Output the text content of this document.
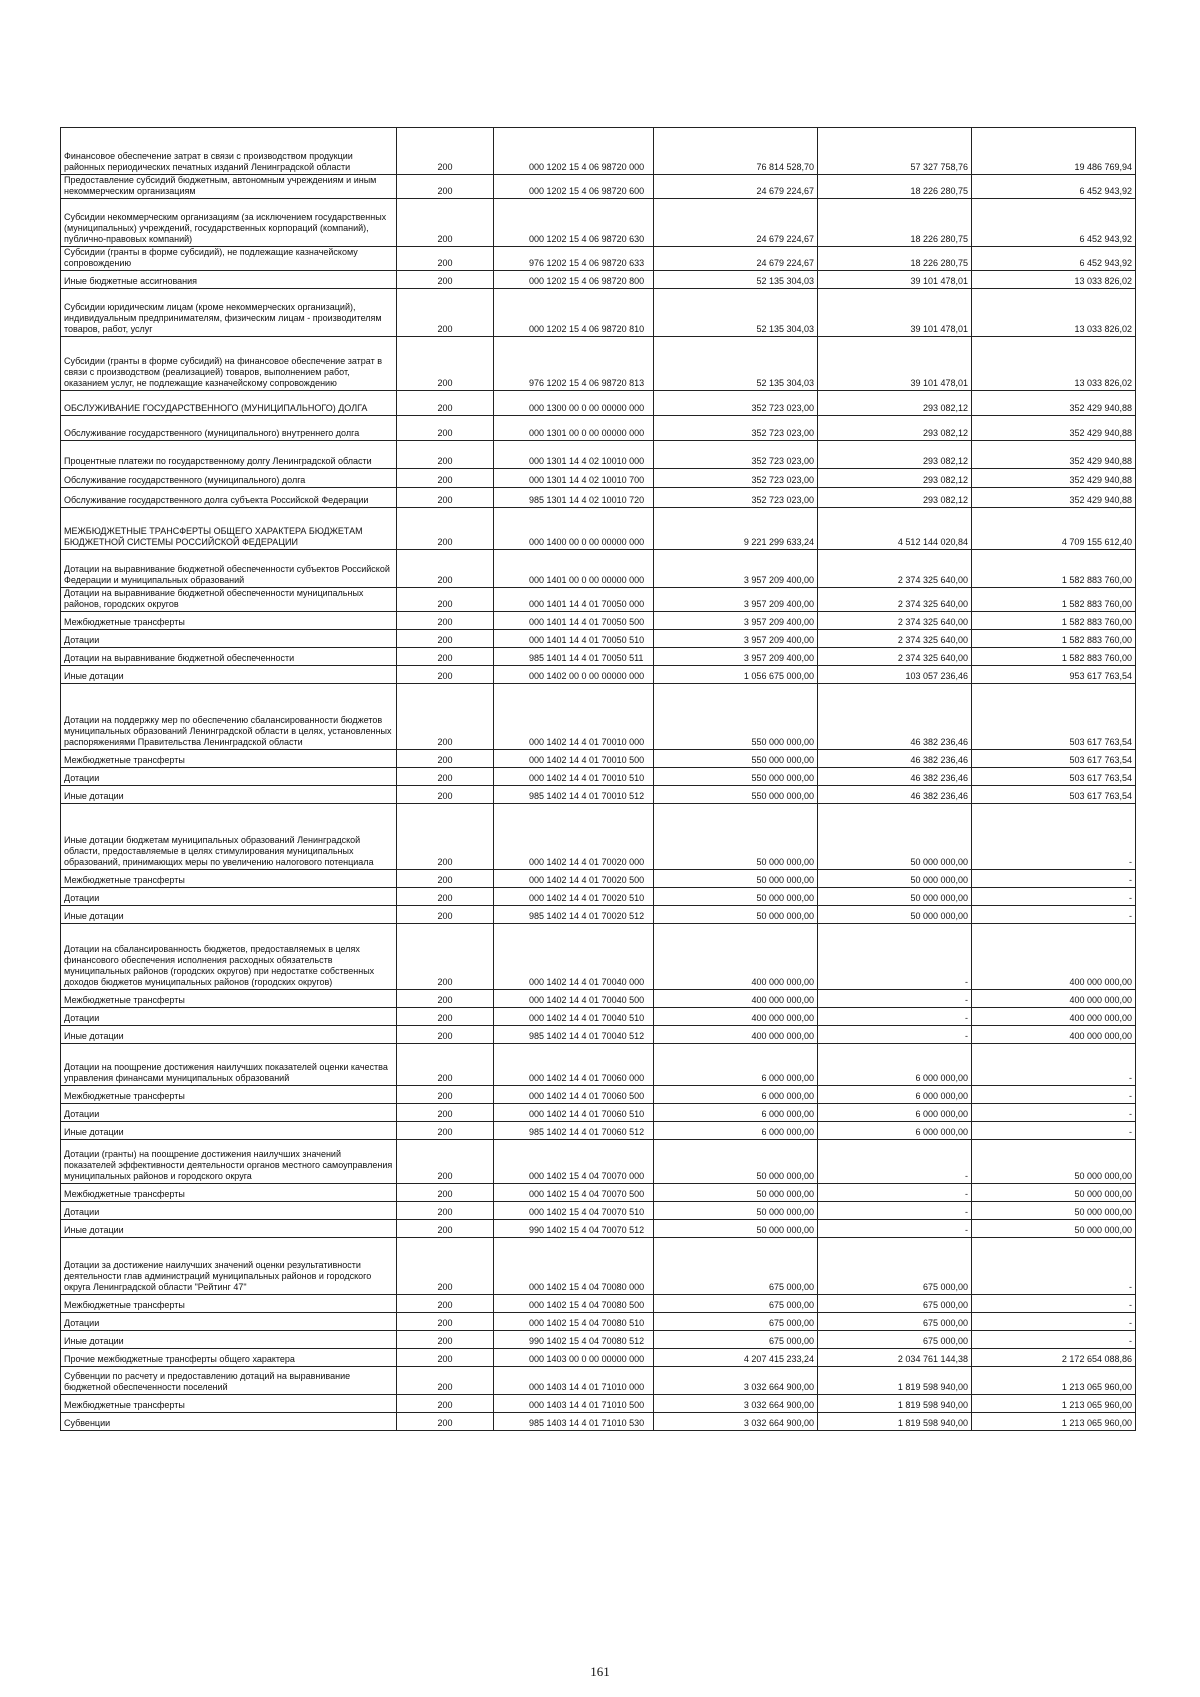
Финансовое обеспечение затрат в связи с производством продукции районных периодических печатных изданий Ленинградской области	200	000 1202 15 4 06 98720 000	76 814 528,70	57 327 758,76	19 486 769,94
Предоставление субсидий бюджетным, автономным учреждениям и иным некоммерческим организациям	200	000 1202 15 4 06 98720 600	24 679 224,67	18 226 280,75	6 452 943,92
Субсидии некоммерческим организациям (за исключением государственных (муниципальных) учреждений, государственных корпораций (компаний), публично-правовых компаний)	200	000 1202 15 4 06 98720 630	24 679 224,67	18 226 280,75	6 452 943,92
Субсидии (гранты в форме субсидий), не подлежащие казначейскому сопровождению	200	976 1202 15 4 06 98720 633	24 679 224,67	18 226 280,75	6 452 943,92
Иные бюджетные ассигнования	200	000 1202 15 4 06 98720 800	52 135 304,03	39 101 478,01	13 033 826,02
Субсидии юридическим лицам (кроме некоммерческих организаций), индивидуальным предпринимателям, физическим лицам - производителям товаров, работ, услуг	200	000 1202 15 4 06 98720 810	52 135 304,03	39 101 478,01	13 033 826,02
Субсидии (гранты в форме субсидий) на финансовое обеспечение затрат в связи с производством (реализацией) товаров, выполнением работ, оказанием услуг, не подлежащие казначейскому сопровождению	200	976 1202 15 4 06 98720 813	52 135 304,03	39 101 478,01	13 033 826,02
ОБСЛУЖИВАНИЕ ГОСУДАРСТВЕННОГО (МУНИЦИПАЛЬНОГО) ДОЛГА	200	000 1300 00 0 00 00000 000	352 723 023,00	293 082,12	352 429 940,88
Обслуживание государственного (муниципального) внутреннего долга	200	000 1301 00 0 00 00000 000	352 723 023,00	293 082,12	352 429 940,88
Процентные платежи по государственному долгу Ленинградской области	200	000 1301 14 4 02 10010 000	352 723 023,00	293 082,12	352 429 940,88
Обслуживание государственного (муниципального) долга	200	000 1301 14 4 02 10010 700	352 723 023,00	293 082,12	352 429 940,88
Обслуживание государственного долга субъекта Российской Федерации	200	985 1301 14 4 02 10010 720	352 723 023,00	293 082,12	352 429 940,88
МЕЖБЮДЖЕТНЫЕ ТРАНСФЕРТЫ ОБЩЕГО ХАРАКТЕРА БЮДЖЕТАМ БЮДЖЕТНОЙ СИСТЕМЫ РОССИЙСКОЙ ФЕДЕРАЦИИ	200	000 1400 00 0 00 00000 000	9 221 299 633,24	4 512 144 020,84	4 709 155 612,40
Дотации на выравнивание бюджетной обеспеченности субъектов Российской Федерации и муниципальных образований	200	000 1401 00 0 00 00000 000	3 957 209 400,00	2 374 325 640,00	1 582 883 760,00
Дотации на выравнивание бюджетной обеспеченности муниципальных районов, городских округов	200	000 1401 14 4 01 70050 000	3 957 209 400,00	2 374 325 640,00	1 582 883 760,00
Межбюджетные трансферты	200	000 1401 14 4 01 70050 500	3 957 209 400,00	2 374 325 640,00	1 582 883 760,00
Дотации	200	000 1401 14 4 01 70050 510	3 957 209 400,00	2 374 325 640,00	1 582 883 760,00
Дотации на выравнивание бюджетной обеспеченности	200	985 1401 14 4 01 70050 511	3 957 209 400,00	2 374 325 640,00	1 582 883 760,00
Иные дотации	200	000 1402 00 0 00 00000 000	1 056 675 000,00	103 057 236,46	953 617 763,54
Дотации на поддержку мер по обеспечению сбалансированности бюджетов муниципальных образований Ленинградской области в целях, установленных распоряжениями Правительства Ленинградской области	200	000 1402 14 4 01 70010 000	550 000 000,00	46 382 236,46	503 617 763,54
Межбюджетные трансферты	200	000 1402 14 4 01 70010 500	550 000 000,00	46 382 236,46	503 617 763,54
Дотации	200	000 1402 14 4 01 70010 510	550 000 000,00	46 382 236,46	503 617 763,54
Иные дотации	200	985 1402 14 4 01 70010 512	550 000 000,00	46 382 236,46	503 617 763,54
Иные дотации бюджетам муниципальных образований Ленинградской области, предоставляемые в целях стимулирования муниципальных образований, принимающих меры по увеличению налогового потенциала	200	000 1402 14 4 01 70020 000	50 000 000,00	50 000 000,00	-
Межбюджетные трансферты	200	000 1402 14 4 01 70020 500	50 000 000,00	50 000 000,00	-
Дотации	200	000 1402 14 4 01 70020 510	50 000 000,00	50 000 000,00	-
Иные дотации	200	985 1402 14 4 01 70020 512	50 000 000,00	50 000 000,00	-
Дотации на сбалансированность бюджетов, предоставляемых в целях финансового обеспечения исполнения расходных обязательств муниципальных районов (городских округов) при недостатке собственных доходов бюджетов муниципальных районов (городских округов)	200	000 1402 14 4 01 70040 000	400 000 000,00	-	400 000 000,00
Межбюджетные трансферты	200	000 1402 14 4 01 70040 500	400 000 000,00	-	400 000 000,00
Дотации	200	000 1402 14 4 01 70040 510	400 000 000,00	-	400 000 000,00
Иные дотации	200	985 1402 14 4 01 70040 512	400 000 000,00	-	400 000 000,00
Дотации на поощрение достижения наилучших показателей оценки качества управления финансами муниципальных образований	200	000 1402 14 4 01 70060 000	6 000 000,00	6 000 000,00	-
Межбюджетные трансферты	200	000 1402 14 4 01 70060 500	6 000 000,00	6 000 000,00	-
Дотации	200	000 1402 14 4 01 70060 510	6 000 000,00	6 000 000,00	-
Иные дотации	200	985 1402 14 4 01 70060 512	6 000 000,00	6 000 000,00	-
Дотации (гранты) на поощрение достижения наилучших значений показателей эффективности деятельности органов местного самоуправления муниципальных районов и городского округа	200	000 1402 15 4 04 70070 000	50 000 000,00	-	50 000 000,00
Межбюджетные трансферты	200	000 1402 15 4 04 70070 500	50 000 000,00	-	50 000 000,00
Дотации	200	000 1402 15 4 04 70070 510	50 000 000,00	-	50 000 000,00
Иные дотации	200	990 1402 15 4 04 70070 512	50 000 000,00	-	50 000 000,00
Дотации за достижение наилучших значений оценки результативности деятельности глав администраций муниципальных районов и городского округа Ленинградской области "Рейтинг 47"	200	000 1402 15 4 04 70080 000	675 000,00	675 000,00	-
Межбюджетные трансферты	200	000 1402 15 4 04 70080 500	675 000,00	675 000,00	-
Дотации	200	000 1402 15 4 04 70080 510	675 000,00	675 000,00	-
Иные дотации	200	990 1402 15 4 04 70080 512	675 000,00	675 000,00	-
Прочие межбюджетные трансферты общего характера	200	000 1403 00 0 00 00000 000	4 207 415 233,24	2 034 761 144,38	2 172 654 088,86
Субвенции по расчету и предоставлению дотаций на выравнивание бюджетной обеспеченности поселений	200	000 1403 14 4 01 71010 000	3 032 664 900,00	1 819 598 940,00	1 213 065 960,00
Межбюджетные трансферты	200	000 1403 14 4 01 71010 500	3 032 664 900,00	1 819 598 940,00	1 213 065 960,00
Субвенции	200	985 1403 14 4 01 71010 530	3 032 664 900,00	1 819 598 940,00	1 213 065 960,00
161
